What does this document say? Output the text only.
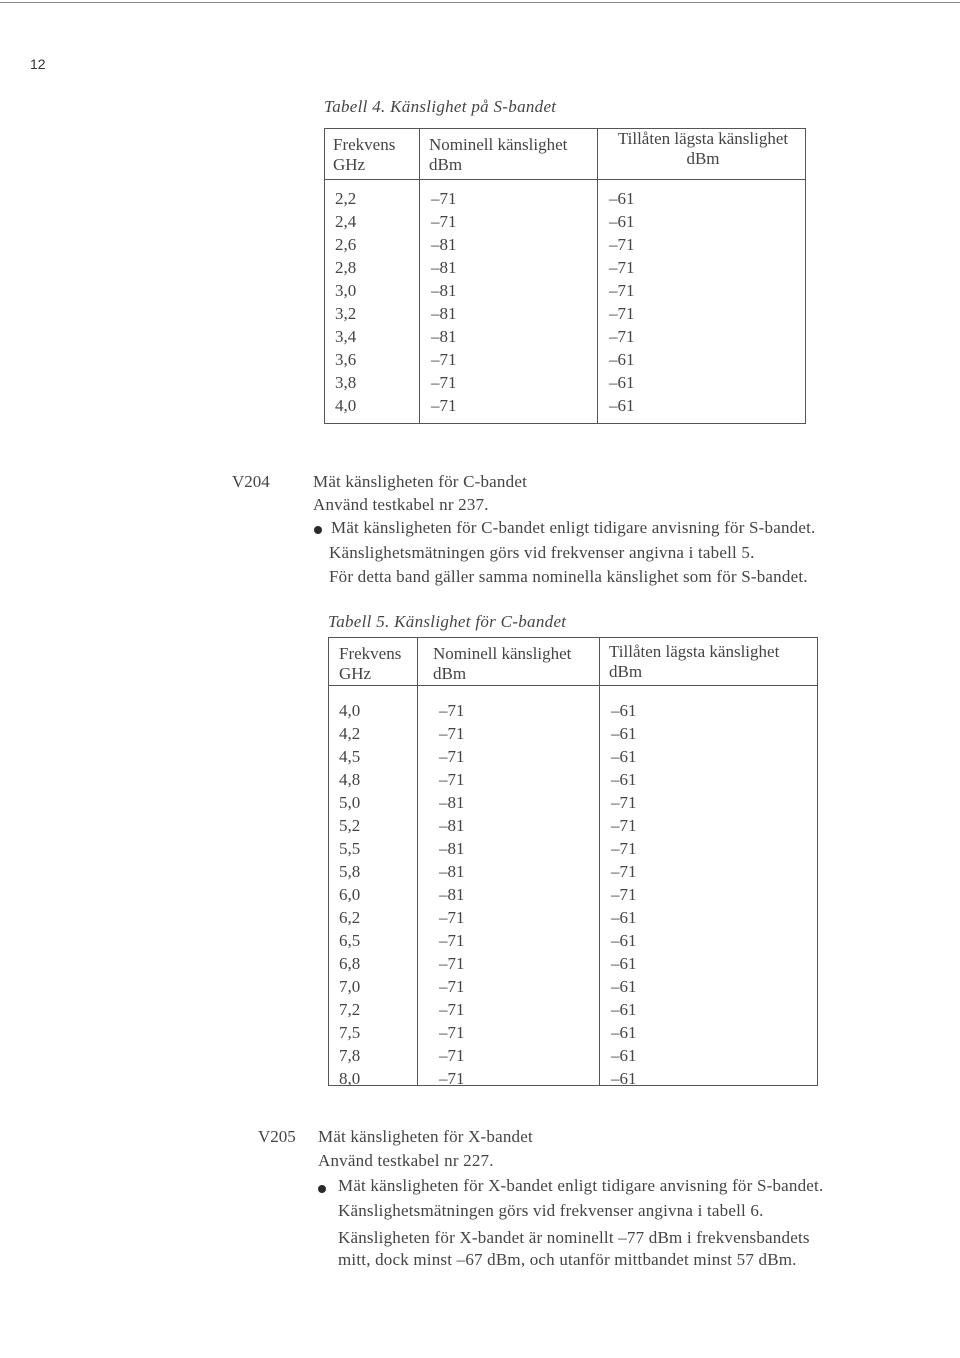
12
Tabell 4. Känslighet på S-bandet
Frekvens
GHz
Nominell känslighet
dBm
Tillåten lägsta känslighet
dBm
2,2
2,4
2,6
2,8
3,0
3,2
3,4
3,6
3,8
4,0
–71
–71
–81
–81
–81
–81
–81
–71
–71
–71
–61
–61
–71
–71
–71
–71
–71
–61
–61
–61
V204	Mät känsligheten för C-bandet
Använd testkabel nr 237.
Mät känsligheten för C-bandet enligt tidigare anvisning för S-bandet.
Känslighetsmätningen görs vid frekvenser angivna i tabell 5.
För detta band gäller samma nominella känslighet som för S-bandet.
Tabell 5. Känslighet för C-bandet
Frekvens
GHz
Nominell känslighet
dBm
Tillåten lägsta känslighet
dBm
4,0
4,2
4,5
4,8
5,0
5,2
5,5
5,8
6,0
6,2
6,5
6,8
7,0
7,2
7,5
7,8
8,0
–71
–71
–71
–71
–81
–81
–81
–81
–81
–71
–71
–71
–71
–71
–71
–71
–71
–61
–61
–61
–61
–71
–71
–71
–71
–71
–61
–61
–61
–61
–61
–61
–61
–61
V205 Mät känsligheten för X-bandet
Använd testkabel nr 227.
Mät känsligheten för X-bandet enligt tidigare anvisning för S-bandet.
Känslighetsmätningen görs vid frekvenser angivna i tabell 6.
Känsligheten för X-bandet är nominellt –77 dBm i frekvensbandets
mitt, dock minst –67 dBm, och utanför mittbandet minst 57 dBm.
